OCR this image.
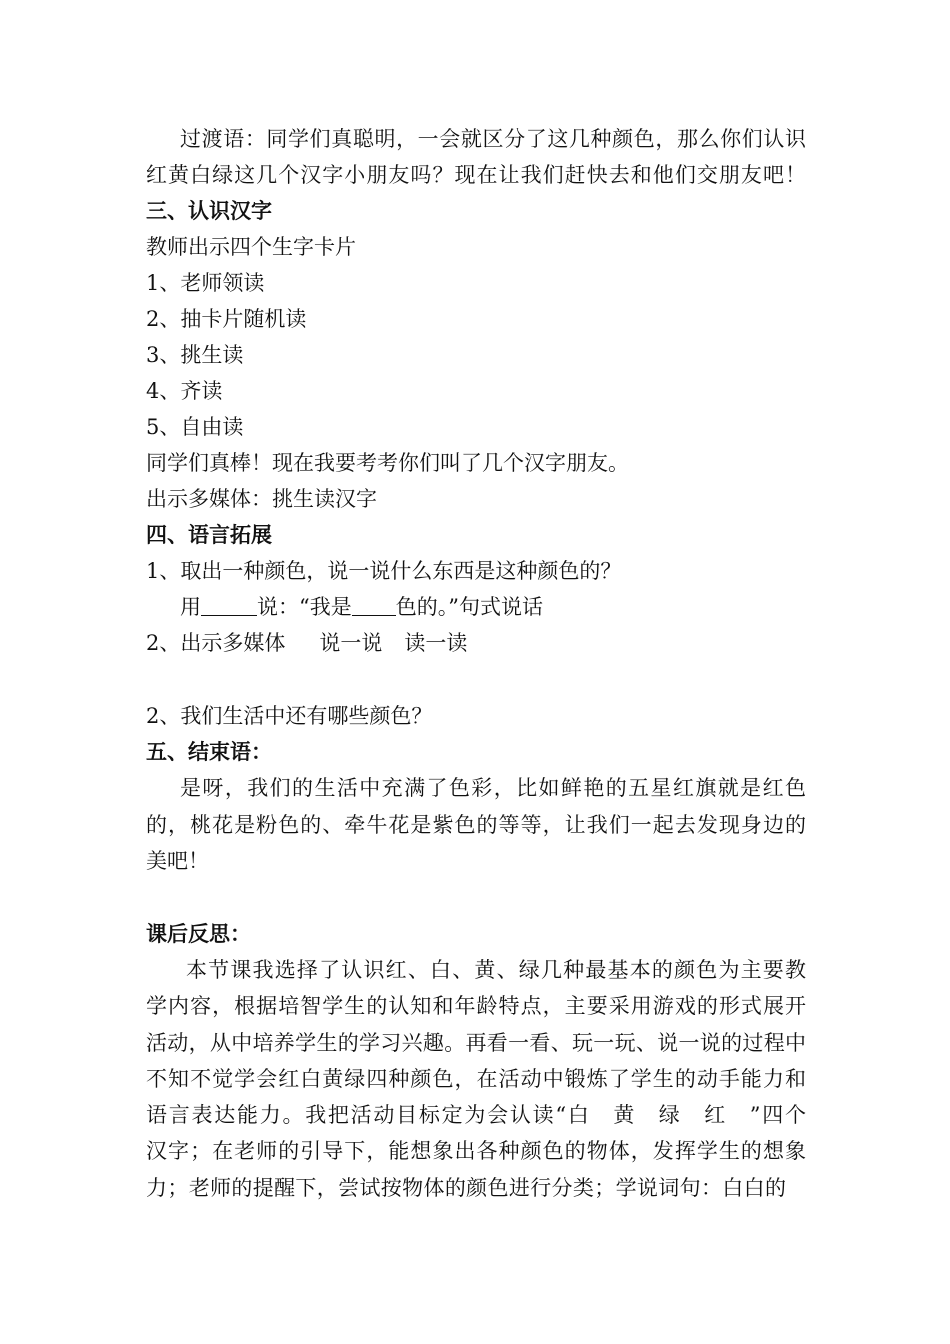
过渡语：同学们真聪明，一会就区分了这几种颜色，那么你们认识
红黄白绿这几个汉字小朋友吗？现在让我们赶快去和他们交朋友吧！
三、认识汉字
教师出示四个生字卡片
1、老师领读
2、抽卡片随机读
3、挑生读
4、齐读
5、自由读
同学们真棒！现在我要考考你们叫了几个汉字朋友。
出示多媒体：挑生读汉字
四、语言拓展
1、取出一种颜色，说一说什么东西是这种颜色的？
用	说：“我是 色的。”句式说话
2、出示多媒体 说一说 读一读
2、我们生活中还有哪些颜色？
五、结束语：
是呀，我们的生活中充满了色彩，比如鲜艳的五星红旗就是红色
的，桃花是粉色的、牵牛花是紫色的等等，让我们一起去发现身边的
美吧！
课后反思：
本节课我选择了认识红、白、黄、绿几种最基本的颜色为主要教
学内容，根据培智学生的认知和年龄特点，主要采用游戏的形式展开
活动，从中培养学生的学习兴趣。再看一看、玩一玩、说一说的过程中
不知不觉学会红白黄绿四种颜色，在活动中锻炼了学生的动手能力和
语言表达能力。我把活动目标定为会认读“白　黄　绿　红　”四个
汉字；在老师的引导下，能想象出各种颜色的物体，发挥学生的想象
力；老师的提醒下，尝试按物体的颜色进行分类；学说词句：白白的
